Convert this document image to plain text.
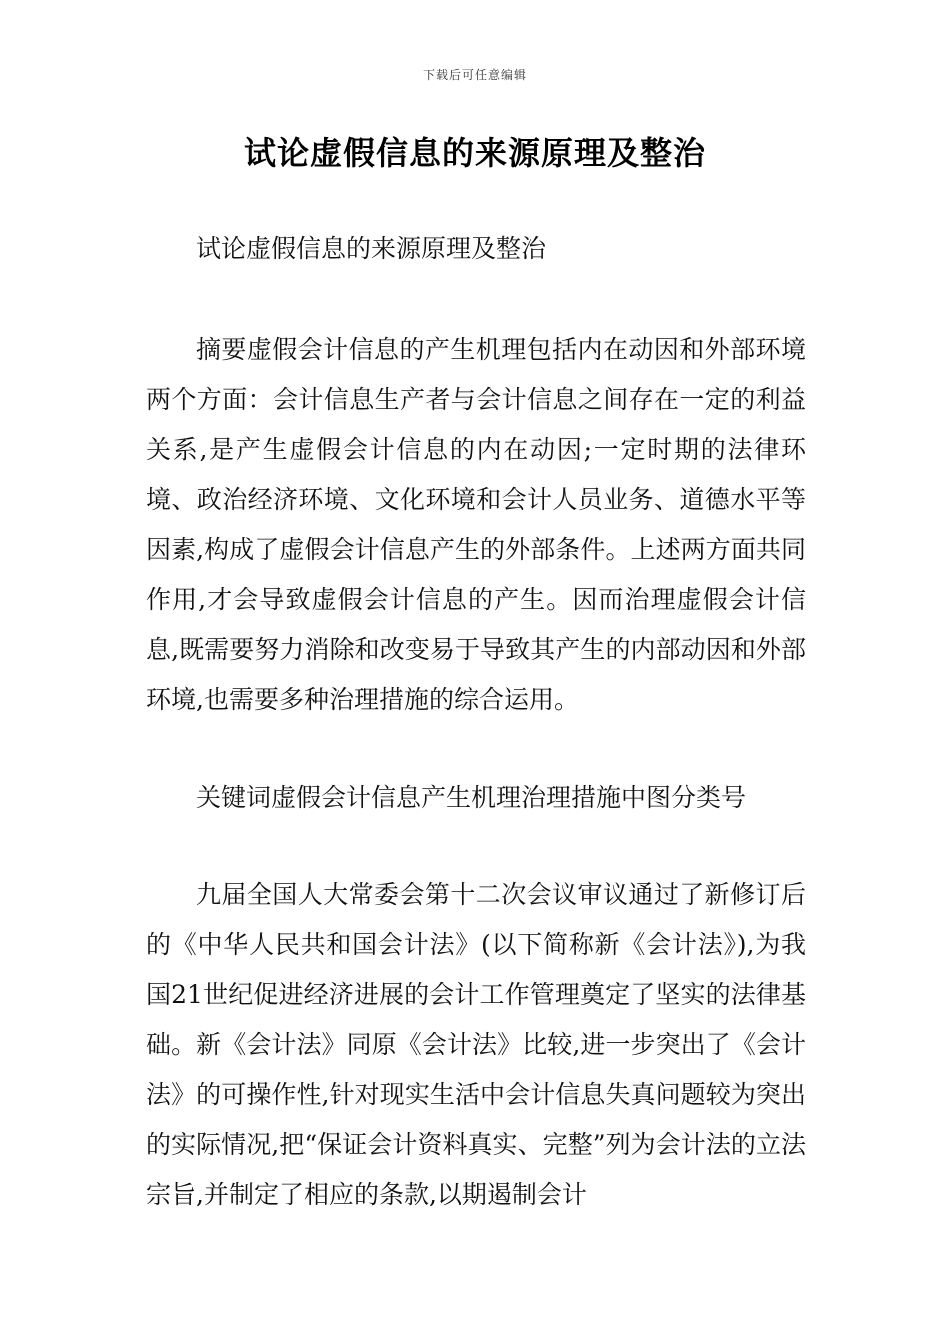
下载后可任意编辑
试论虚假信息的来源原理及整治
试论虚假信息的来源原理及整治
摘要虚假会计信息的产生机理包括内在动因和外部环境两个方面：会计信息生产者与会计信息之间存在一定的利益关系,是产生虚假会计信息的内在动因;一定时期的法律环境、政治经济环境、文化环境和会计人员业务、道德水平等因素,构成了虚假会计信息产生的外部条件。上述两方面共同作用,才会导致虚假会计信息的产生。因而治理虚假会计信息,既需要努力消除和改变易于导致其产生的内部动因和外部环境,也需要多种治理措施的综合运用。
关键词虚假会计信息产生机理治理措施中图分类号
九届全国人大常委会第十二次会议审议通过了新修订后的《中华人民共和国会计法》(以下简称新《会计法》),为我国21世纪促进经济进展的会计工作管理奠定了坚实的法律基础。新《会计法》同原《会计法》比较,进一步突出了《会计法》的可操作性,针对现实生活中会计信息失真问题较为突出的实际情况,把“保证会计资料真实、完整”列为会计法的立法宗旨,并制定了相应的条款,以期遏制会计
